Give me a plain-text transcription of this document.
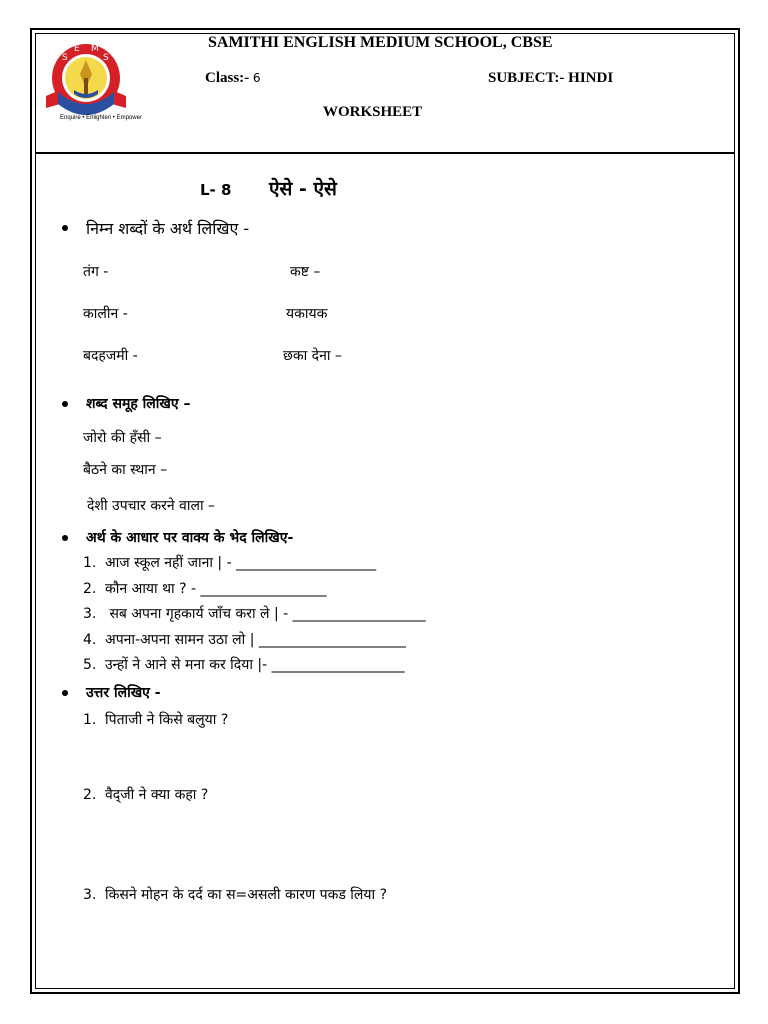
S
E M
S
Enquire • Enlighten • Empower
SAMITHI ENGLISH MEDIUM SCHOOL, CBSE
Class:- 6	SUBJECT:- HINDI
WORKSHEET
L- 8 ऐसे - ऐसे
निम्न शब्दों के अर्थ लिखिए -
तंग -	कष्ट –
कालीन -	यकायक
बदहजमी -	छका देना –
शब्द समूह लिखिए –
जोरो की हँसी –
बैठने का स्थान –
देशी उपचार करने वाला –
अर्थ के आधार पर वाक्य के भेद लिखिए-
1. आज स्कूल नहीं जाना | - ____________________
2. कौन आया था ? - __________________
3. सब अपना गृहकार्य जाँच करा ले | - ___________________
4. अपना-अपना सामन उठा लो | _____________________
5. उन्हों ने आने से मना कर दिया |- ___________________
उत्तर लिखिए -
1. पिताजी ने किसे बलुया ?
2. वैद्जी ने क्या कहा ?
3. किसने मोहन के दर्द का स=असली कारण पकड लिया ?
